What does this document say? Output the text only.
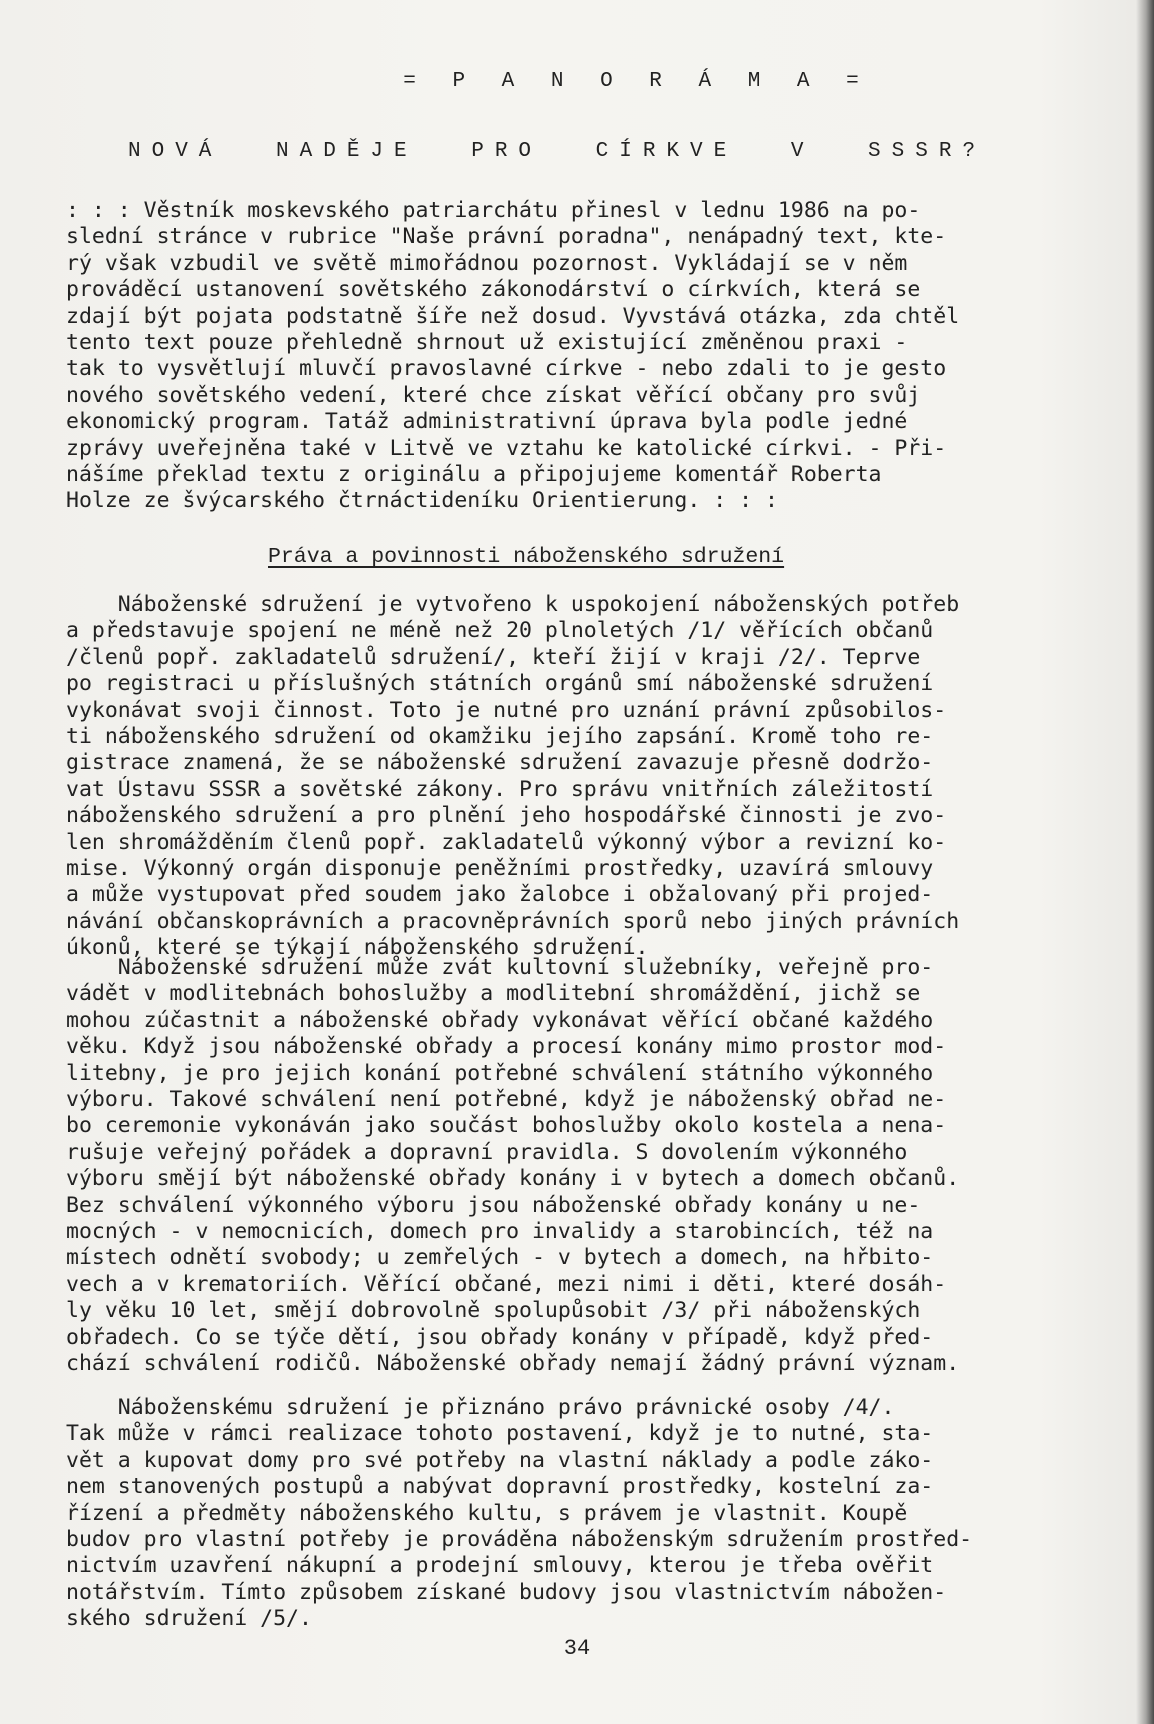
= P A N O R Á M A =
NOVÁ NADĚJE PRO CÍRKVE V SSSR?
: : : Věstník moskevského patriarchátu přinesl v lednu 1986 na po-
slední stránce v rubrice "Naše právní poradna", nenápadný text, kte-
rý však vzbudil ve světě mimořádnou pozornost. Vykládají se v něm
prováděcí ustanovení sovětského zákonodárství o církvích, která se
zdají být pojata podstatně šíře než dosud. Vyvstává otázka, zda chtěl
tento text pouze přehledně shrnout už existující změněnou praxi -
tak to vysvětlují mluvčí pravoslavné církve - nebo zdali to je gesto
nového sovětského vedení, které chce získat věřící občany pro svůj
ekonomický program. Tatáž administrativní úprava byla podle jedné
zprávy uveřejněna také v Litvě ve vztahu ke katolické církvi. - Při-
nášíme překlad textu z originálu a připojujeme komentář Roberta
Holze ze švýcarského čtrnáctideníku Orientierung. : : :
Práva a povinnosti náboženského sdružení
Náboženské sdružení je vytvořeno k uspokojení náboženských potřeb
a představuje spojení ne méně než 20 plnoletých /1/ věřících občanů
/členů popř. zakladatelů sdružení/, kteří žijí v kraji /2/. Teprve
po registraci u příslušných státních orgánů smí náboženské sdružení
vykonávat svoji činnost. Toto je nutné pro uznání právní způsobilos-
ti náboženského sdružení od okamžiku jejího zapsání. Kromě toho re-
gistrace znamená, že se náboženské sdružení zavazuje přesně dodržo-
vat Ústavu SSSR a sovětské zákony. Pro správu vnitřních záležitostí
náboženského sdružení a pro plnění jeho hospodářské činnosti je zvo-
len shromážděním členů popř. zakladatelů výkonný výbor a revizní ko-
mise. Výkonný orgán disponuje peněžními prostředky, uzavírá smlouvy
a může vystupovat před soudem jako žalobce i obžalovaný při projed-
návání občanskoprávních a pracovněprávních sporů nebo jiných právních
úkonů, které se týkají náboženského sdružení.
Náboženské sdružení může zvát kultovní služebníky, veřejně pro-
vádět v modlitebnách bohoslužby a modlitební shromáždění, jichž se
mohou zúčastnit a náboženské obřady vykonávat věřící občané každého
věku. Když jsou náboženské obřady a procesí konány mimo prostor mod-
litebny, je pro jejich konání potřebné schválení státního výkonného
výboru. Takové schválení není potřebné, když je náboženský obřad ne-
bo ceremonie vykonáván jako součást bohoslužby okolo kostela a nena-
rušuje veřejný pořádek a dopravní pravidla. S dovolením výkonného
výboru smějí být náboženské obřady konány i v bytech a domech občanů.
Bez schválení výkonného výboru jsou náboženské obřady konány u ne-
mocných - v nemocnicích, domech pro invalidy a starobincích, též na
místech odnětí svobody; u zemřelých - v bytech a domech, na hřbito-
vech a v krematoriích. Věřící občané, mezi nimi i děti, které dosáh-
ly věku 10 let, smějí dobrovolně spolupůsobit /3/ při náboženských
obřadech. Co se týče dětí, jsou obřady konány v případě, když před-
chází schválení rodičů. Náboženské obřady nemají žádný právní význam.
Náboženskému sdružení je přiznáno právo právnické osoby /4/.
Tak může v rámci realizace tohoto postavení, když je to nutné, sta-
vět a kupovat domy pro své potřeby na vlastní náklady a podle záko-
nem stanovených postupů a nabývat dopravní prostředky, kostelní za-
řízení a předměty náboženského kultu, s právem je vlastnit. Koupě
budov pro vlastní potřeby je prováděna náboženským sdružením prostřed-
nictvím uzavření nákupní a prodejní smlouvy, kterou je třeba ověřit
notářstvím. Tímto způsobem získané budovy jsou vlastnictvím nábožen-
ského sdružení /5/.
34
